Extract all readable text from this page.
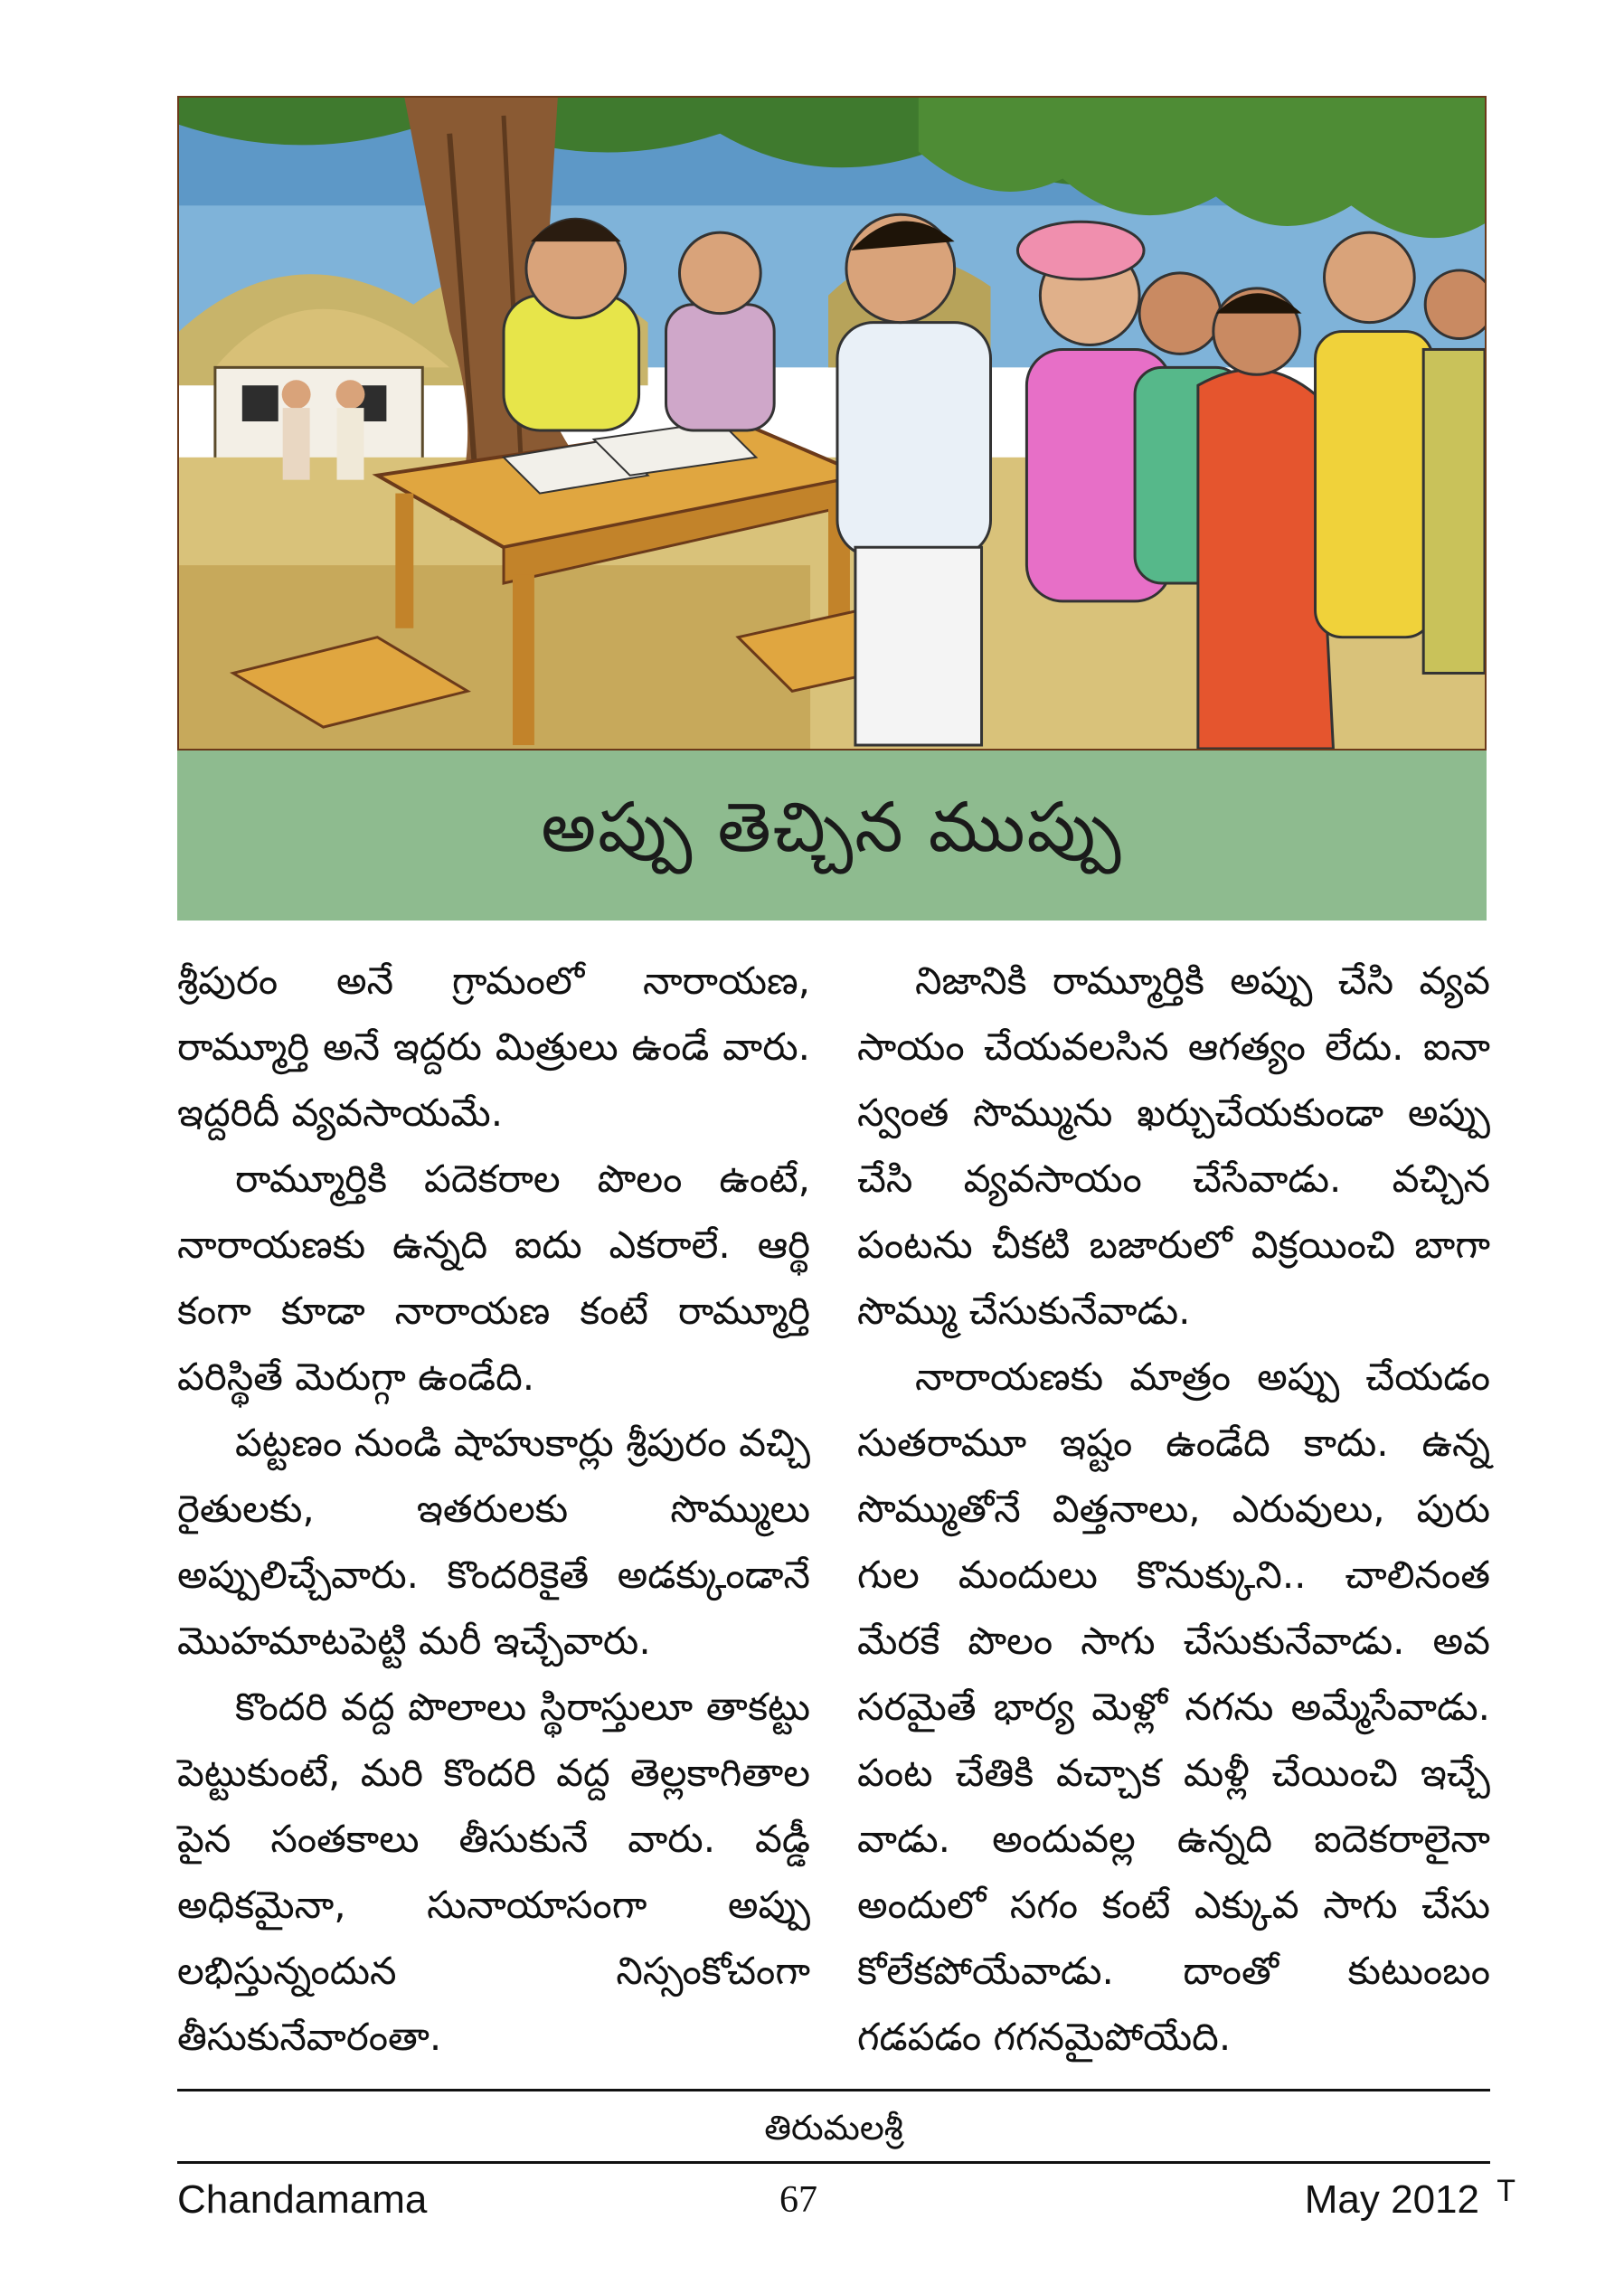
అప్పు తెచ్చిన ముప్పు

శ్రీపురం అనే గ్రామంలో నారాయణ, రామ్మూర్తి అనే ఇద్దరు మిత్రులు ఉండే వారు. ఇద్దరిదీ వ్యవసాయమే.

రామ్మూర్తికి పదెకరాల పొలం ఉంటే, నారాయణకు ఉన్నది ఐదు ఎకరాలే. ఆర్థి కంగా కూడా నారాయణ కంటే రామ్మూర్తి పరిస్థితే మెరుగ్గా ఉండేది.

పట్టణం నుండి షాహుకార్లు శ్రీపురం వచ్చి రైతులకు, ఇతరులకు సొమ్ములు అప్పులిచ్చేవారు. కొందరికైతే అడక్కుండానే మొహమాటపెట్టి మరీ ఇచ్చేవారు.

కొందరి వద్ద పొలాలు స్థిరాస్తులూ తాకట్టు పెట్టుకుంటే, మరి కొందరి వద్ద తెల్లకాగితాల పైన సంతకాలు తీసుకునే వారు. వడ్డీ అధికమైనా, సునాయాసంగా అప్పు లభిస్తున్నందున నిస్సంకోచంగా తీసుకునేవారంతా.

నిజానికి రామ్మూర్తికి అప్పు చేసి వ్యవ సాయం చేయవలసిన ఆగత్యం లేదు. ఐనా స్వంత సొమ్మును ఖర్చుచేయకుండా అప్పు చేసి వ్యవసాయం చేసేవాడు. వచ్చిన పంటను చీకటి బజారులో విక్రయించి బాగా సొమ్ము చేసుకునేవాడు.

నారాయణకు మాత్రం అప్పు చేయడం సుతరామూ ఇష్టం ఉండేది కాదు. ఉన్న సొమ్ముతోనే విత్తనాలు, ఎరువులు, పురు గుల మందులు కొనుక్కుని.. చాలినంత మేరకే పొలం సాగు చేసుకునేవాడు. అవ సరమైతే భార్య మెళ్లో నగను అమ్మేసేవాడు. పంట చేతికి వచ్చాక మళ్లీ చేయించి ఇచ్చే వాడు. అందువల్ల ఉన్నది ఐదెకరాలైనా అందులో సగం కంటే ఎక్కువ సాగు చేసు కోలేకపోయేవాడు. దాంతో కుటుంబం గడపడం గగనమైపోయేది.

తిరుమలశ్రీ
Chandamama	67	May 2012 T
